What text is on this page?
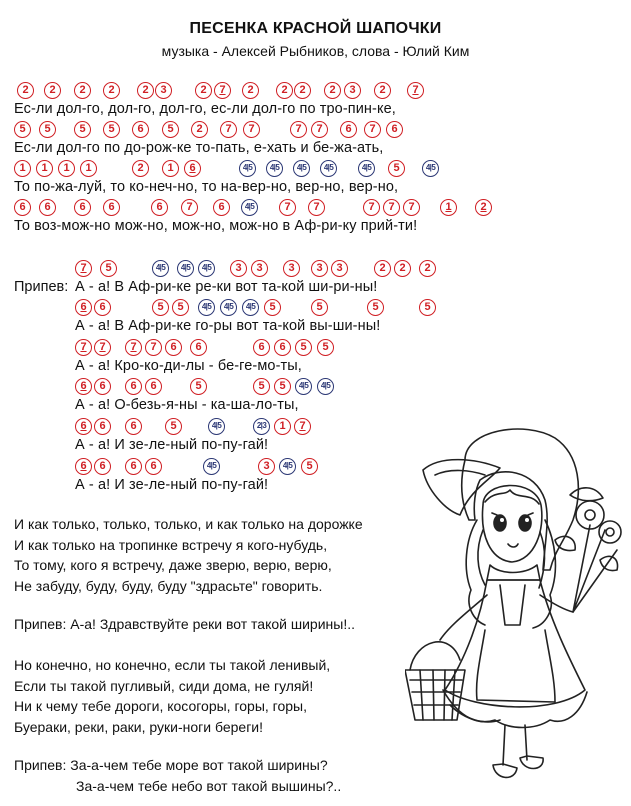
ПЕСЕНКА КРАСНОЙ ШАПОЧКИ
музыка - Алексей Рыбников, слова - Юлий Ким
2	2	2	2	2	3	2	7	2	2	2	2	3	2	7
Ес-ли дол-го, дол-го, дол-го, ес-ли дол-го по тро-пин-ке,
5	5	5	5	6	5	2	7	7	7	7	6	7	6
Ес-ли дол-го по до-рож-ке то-пать, е-хать и бе-жа-ать,
1	1	1	1	2	1	6	4|5	4|5	4|5	4|5	4|5	5	4|5
То по-жа-луй, то ко-неч-но, то на-вер-но, вер-но, вер-но,
6	6	6	6	6	7	6	4|5	7	7	7	7	7	1	2
То воз-мож-но мож-но, мож-но, мож-но в Аф-ри-ку прий-ти!
Припев:
7	5	4|5	4|5	4|5	3	3	3	3	3	2	2	2
А - а! В Аф-ри-ке ре-ки вот та-кой ши-ри-ны!
6	6	5	5	4|5	4|5	4|5	5	5	5	5
А - а! В Аф-ри-ке го-ры вот та-кой вы-ши-ны!
7	7	7	7	6	6	6	6	5	5
А - а! Кро-ко-ди-лы - бе-ге-мо-ты,
6	6	6	6	5	5	5	4|5	4|5
А - а! О-безь-я-ны - ка-ша-ло-ты,
6	6	6	5	4|5	2|3	1	7
А - а! И зе-ле-ный по-пу-гай!
6	6	6	6	4|5	3	4|5	5
А - а! И зе-ле-ный по-пу-гай!
И как только, только, только, и как только на дорожке
И как только на тропинке встречу я кого-нубудь,
То тому, кого я встречу, даже зверю, верю, верю,
Не забуду, буду, буду, буду "здрасьте" говорить.
Припев: А-а! Здравствуйте реки вот такой ширины!..
Но конечно, но конечно, если ты такой ленивый,
Если ты такой пугливый, сиди дома, не гуляй!
Ни к чему тебе дороги, косогоры, горы, горы,
Буераки, реки, раки, руки-ноги береги!
Припев: За-а-чем тебе море вот такой ширины?
За-а-чем тебе небо вот такой вышины?..
